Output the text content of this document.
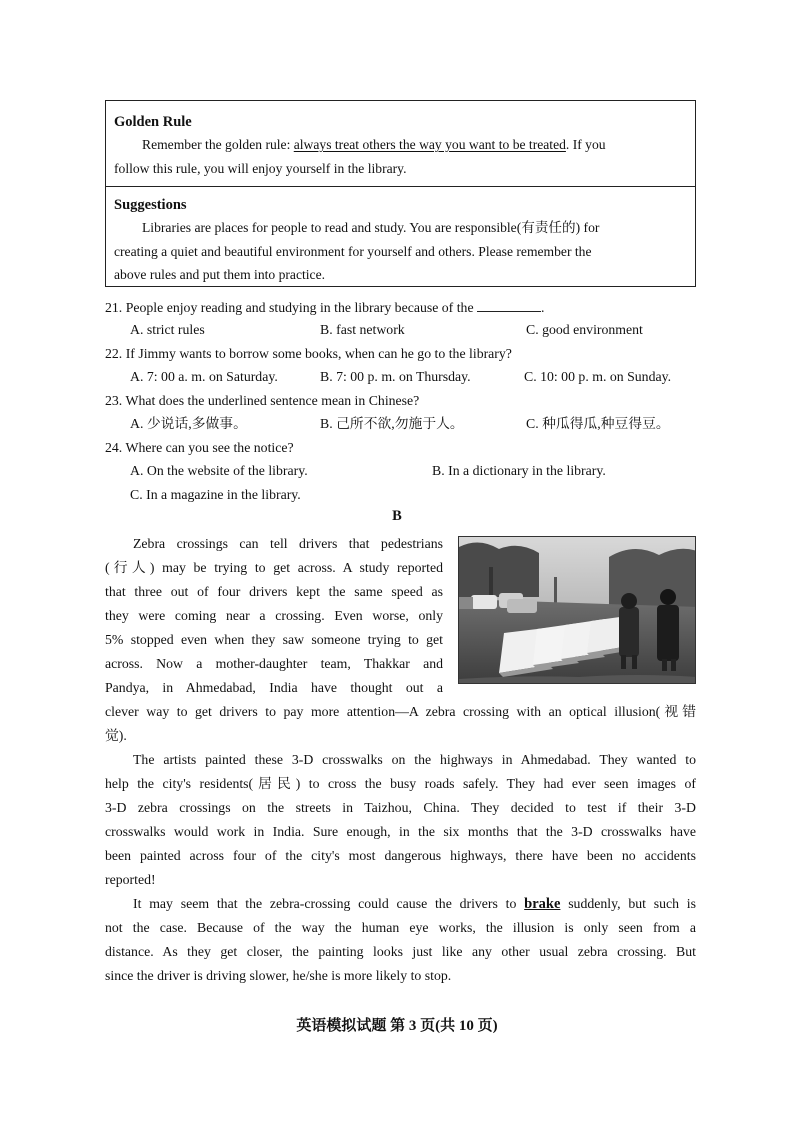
Golden Rule
Remember the golden rule: always treat others the way you want to be treated. If you
follow this rule, you will enjoy yourself in the library.
Suggestions
Libraries are places for people to read and study. You are responsible(有责任的) for
creating a quiet and beautiful environment for yourself and others. Please remember the
above rules and put them into practice.
21. People enjoy reading and studying in the library because of the	.
A. strict rules	B. fast network	C. good environment
22. If Jimmy wants to borrow some books, when can he go to the library?
A. 7: 00 a. m. on Saturday.	B. 7: 00 p. m. on Thursday.	C. 10: 00 p. m. on Sunday.
23. What does the underlined sentence mean in Chinese?
A. 少说话,多做事。	B. 己所不欲,勿施于人。	C. 种瓜得瓜,种豆得豆。
24. Where can you see the notice?
A. On the website of the library.	B. In a dictionary in the library.
C. In a magazine in the library.
B
Zebra crossings can tell drivers that pedestrians
(行人) may be trying to get across. A study reported
that three out of four drivers kept the same speed as
they were coming near a crossing. Even worse, only
5% stopped even when they saw someone trying to get
across. Now a mother-daughter team, Thakkar and
Pandya, in Ahmedabad, India have thought out a
clever way to get drivers to pay more attention—A zebra crossing with an optical illusion(视错
觉).
The artists painted these 3-D crosswalks on the highways in Ahmedabad. They wanted to
help the city's residents(居民) to cross the busy roads safely. They had ever seen images of
3-D zebra crossings on the streets in Taizhou, China. They decided to test if their 3-D
crosswalks would work in India. Sure enough, in the six months that the 3-D crosswalks have
been painted across four of the city's most dangerous highways, there have been no accidents
reported!
It may seem that the zebra-crossing could cause the drivers to brake suddenly, but such is
not the case. Because of the way the human eye works, the illusion is only seen from a
distance. As they get closer, the painting looks just like any other usual zebra crossing. But
since the driver is driving slower, he/she is more likely to stop.
英语模拟试题 第 3 页(共 10 页)
